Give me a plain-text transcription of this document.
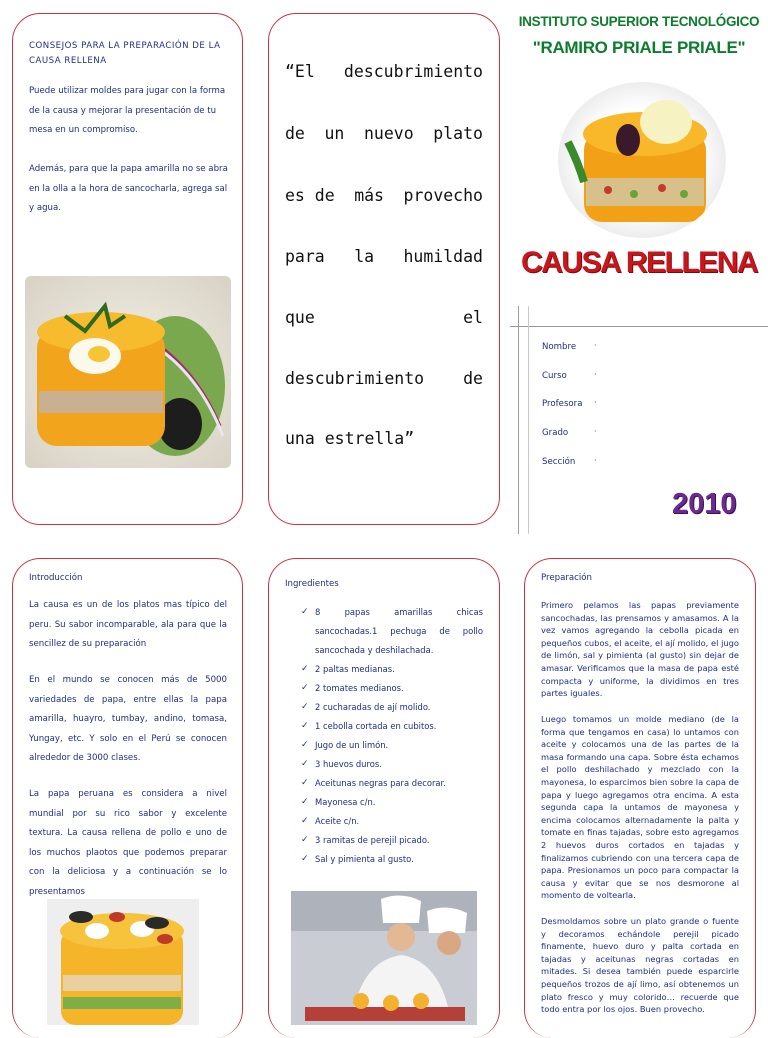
CONSEJOS PARA LA PREPARACIÓN DE LA CAUSA RELLENA

Puede utilizar moldes para jugar con la forma de la causa y mejorar la presentación de tu mesa en un compromiso.

Además, para que la papa amarilla no se abra en la olla a la hora de sancocharla, agrega sal y agua.

“El descubrimiento
de un nuevo plato
es de más provecho
para la humildad
que	el
descubrimiento de
una estrella”
INSTITUTO SUPERIOR TECNOLÓGICO
"RAMIRO PRIALE PRIALE"
CAUSA RELLENA
Nombre ·
Curso	·
Profesora ·
Grado	·
Sección ·
2010

Introducción

La causa es un de los platos mas típico del peru. Su sabor incomparable, ala para que la sencillez de su preparación

En el mundo se conocen más de 5000 variedades de papa, entre ellas la papa amarilla, huayro, tumbay, andino, tomasa, Yungay, etc. Y solo en el Perú se conocen alrededor de 3000 clases.

La papa peruana es considera a nivel mundial por su rico sabor y excelente textura. La causa rellena de pollo e uno de los muchos plaotos que podemos preparar con la deliciosa y a continuación se lo presentamos

Ingredientes

✓ 8 papas amarillas chicas sancochadas.1 pechuga de pollo sancochada y deshilachada.
✓ 2 paltas medianas.
✓ 2 tomates medianos.
✓ 2 cucharadas de ají molido.
✓ 1 cebolla cortada en cubitos.
✓ Jugo de un limón.
✓ 3 huevos duros.
✓ Aceitunas negras para decorar.
✓ Mayonesa c/n.
✓ Aceite c/n.
✓ 3 ramitas de perejil picado.
✓ Sal y pimienta al gusto.

Preparación

Primero pelamos las papas previamente sancochadas, las prensamos y amasamos. A la vez vamos agregando la cebolla picada en pequeños cubos, el aceite, el ají molido, el jugo de limón, sal y pimienta (al gusto) sin dejar de amasar. Verificamos que la masa de papa esté compacta y uniforme, la dividimos en tres partes iguales.

Luego tomamos un molde mediano (de la forma que tengamos en casa) lo untamos con aceite y colocamos una de las partes de la masa formando una capa. Sobre ésta echamos el pollo deshilachado y mezclado con la mayonesa, lo esparcimos bien sobre la capa de papa y luego agregamos otra encima. A esta segunda capa la untamos de mayonesa y encima colocamos alternadamente la palta y tomate en finas tajadas, sobre esto agregamos 2 huevos duros cortados en tajadas y finalizamos cubriendo con una tercera capa de papa. Presionamos un poco para compactar la causa y evitar que se nos desmorone al momento de voltearla.

Desmoldamos sobre un plato grande o fuente y decoramos echándole perejil picado finamente, huevo duro y palta cortada en tajadas y aceitunas negras cortadas en mitades. Si desea también puede esparcirle pequeños trozos de ají limo, así obtenemos un plato fresco y muy colorido… recuerde que todo entra por los ojos. Buen provecho.
